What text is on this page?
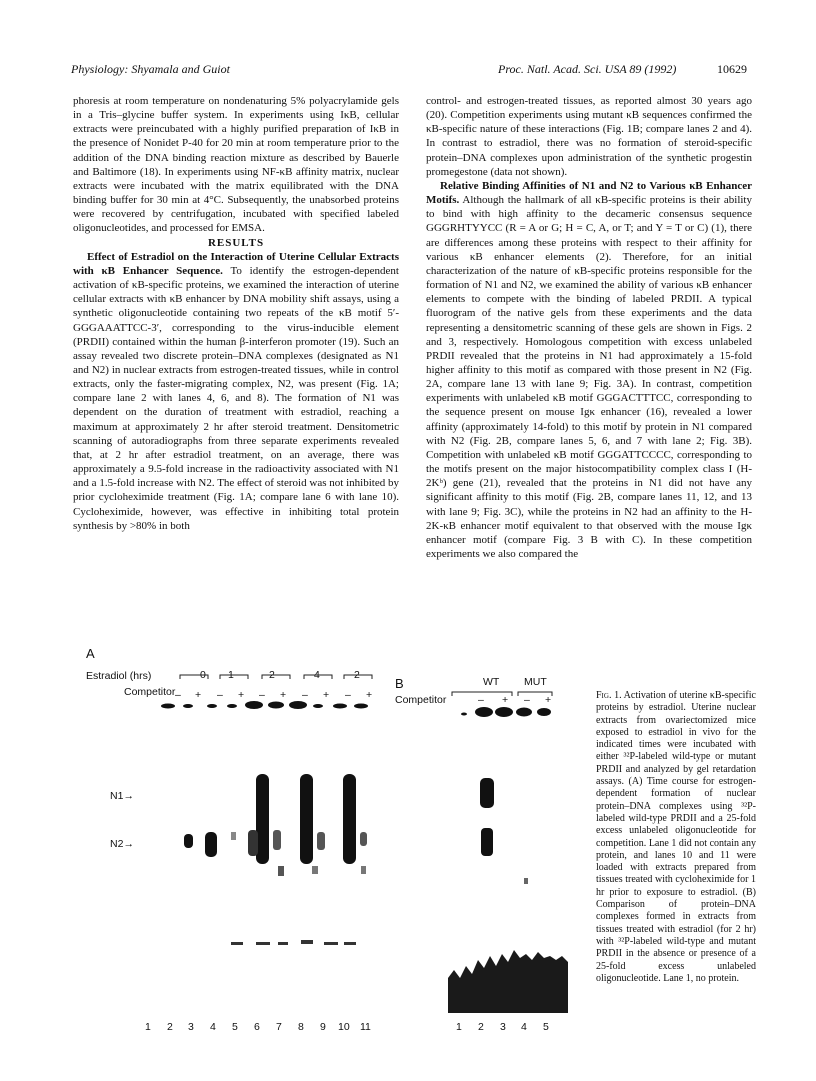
Physiology: Shyamala and Guiot	Proc. Natl. Acad. Sci. USA 89 (1992)	10629

phoresis at room temperature on nondenaturing 5% polyacrylamide gels in a Tris–glycine buffer system. In experiments using IκB, cellular extracts were preincubated with a highly purified preparation of IκB in the presence of Nonidet P-40 for 20 min at room temperature prior to the addition of the DNA binding reaction mixture as described by Bauerle and Baltimore (18). In experiments using NF-κB affinity matrix, nuclear extracts were incubated with the matrix equilibrated with the DNA binding buffer for 30 min at 4°C. Subsequently, the unabsorbed proteins were recovered by centrifugation, incubated with specified labeled oligonucleotides, and processed for EMSA.

RESULTS

Effect of Estradiol on the Interaction of Uterine Cellular Extracts with κB Enhancer Sequence. To identify the estrogen-dependent activation of κB-specific proteins, we examined the interaction of uterine cellular extracts with κB enhancer by DNA mobility shift assays, using a synthetic oligonucleotide containing two repeats of the κB motif 5′-GGGAAATTCC-3′, corresponding to the virus-inducible element (PRDII) contained within the human β-interferon promoter (19). Such an assay revealed two discrete protein–DNA complexes (designated as N1 and N2) in nuclear extracts from estrogen-treated tissues, while in control extracts, only the faster-migrating complex, N2, was present (Fig. 1A; compare lane 2 with lanes 4, 6, and 8). The formation of N1 was dependent on the duration of treatment with estradiol, reaching a maximum at approximately 2 hr after steroid treatment. Densitometric scanning of autoradiographs from three separate experiments revealed that, at 2 hr after estradiol treatment, on an average, there was approximately a 9.5-fold increase in the radioactivity associated with N1 and a 1.5-fold increase with N2. The effect of steroid was not inhibited by prior cycloheximide treatment (Fig. 1A; compare lane 6 with lane 10). Cycloheximide, however, was effective in inhibiting total protein synthesis by >80% in both

control- and estrogen-treated tissues, as reported almost 30 years ago (20). Competition experiments using mutant κB sequences confirmed the κB-specific nature of these interactions (Fig. 1B; compare lanes 2 and 4). In contrast to estradiol, there was no formation of steroid-specific protein–DNA complexes upon administration of the synthetic progestin promegestone (data not shown).

Relative Binding Affinities of N1 and N2 to Various κB Enhancer Motifs. Although the hallmark of all κB-specific proteins is their ability to bind with high affinity to the decameric consensus sequence GGGRHTYYCC (R = A or G; H = C, A, or T; and Y = T or C) (1), there are differences among these proteins with respect to their affinity for various κB enhancer elements (2). Therefore, for an initial characterization of the nature of κB-specific proteins responsible for the formation of N1 and N2, we examined the ability of various κB enhancer elements to compete with the binding of labeled PRDII. A typical fluorogram of the native gels from these experiments and the data representing a densitometric scanning of these gels are shown in Figs. 2 and 3, respectively. Homologous competition with excess unlabeled PRDII revealed that the proteins in N1 had approximately a 15-fold higher affinity to this motif as compared with those present in N2 (Fig. 2A, compare lane 13 with lane 9; Fig. 3A). In contrast, competition experiments with unlabeled κB motif GGGACTTTCC, corresponding to the sequence present on mouse Igκ enhancer (16), revealed a lower affinity (approximately 14-fold) to this motif by protein in N1 compared with N2 (Fig. 2B, compare lanes 5, 6, and 7 with lane 2; Fig. 3B). Competition with unlabeled κB motif GGGATTCCCC, corresponding to the motifs present on the major histocompatibility complex class I (H-2Kᵇ) gene (21), revealed that the proteins in N1 did not have any significant affinity to this motif (Fig. 2B, compare lanes 11, 12, and 13 with lane 9; Fig. 3C), while the proteins in N2 had an affinity to the H-2K-κB enhancer motif equivalent to that observed with the mouse Igκ enhancer motif (compare Fig. 3 B with C). In these competition experiments we also compared the

A
Estradiol (hrs)
Competitor
0 1	2	4	2
– + – + – + – + – +
N1→
N2→
1 2 3 4 5 6 7 8 9 10 11
B	WT MUT
Competitor	– + – +
1 2 3 4 5
Fig. 1. Activation of uterine κB-specific proteins by estradiol. Uterine nuclear extracts from ovariectomized mice exposed to estradiol in vivo for the indicated times were incubated with either ³²P-labeled wild-type or mutant PRDII and analyzed by gel retardation assays. (A) Time course for estrogen-dependent formation of nuclear protein–DNA complexes using ³²P-labeled wild-type PRDII and a 25-fold excess unlabeled oligonucleotide for competition. Lane 1 did not contain any protein, and lanes 10 and 11 were loaded with extracts prepared from tissues treated with cycloheximide for 1 hr prior to exposure to estradiol. (B) Comparison of protein–DNA complexes formed in extracts from tissues treated with estradiol (for 2 hr) with ³²P-labeled wild-type and mutant PRDII in the absence or presence of a 25-fold excess unlabeled oligonucleotide. Lane 1, no protein.
